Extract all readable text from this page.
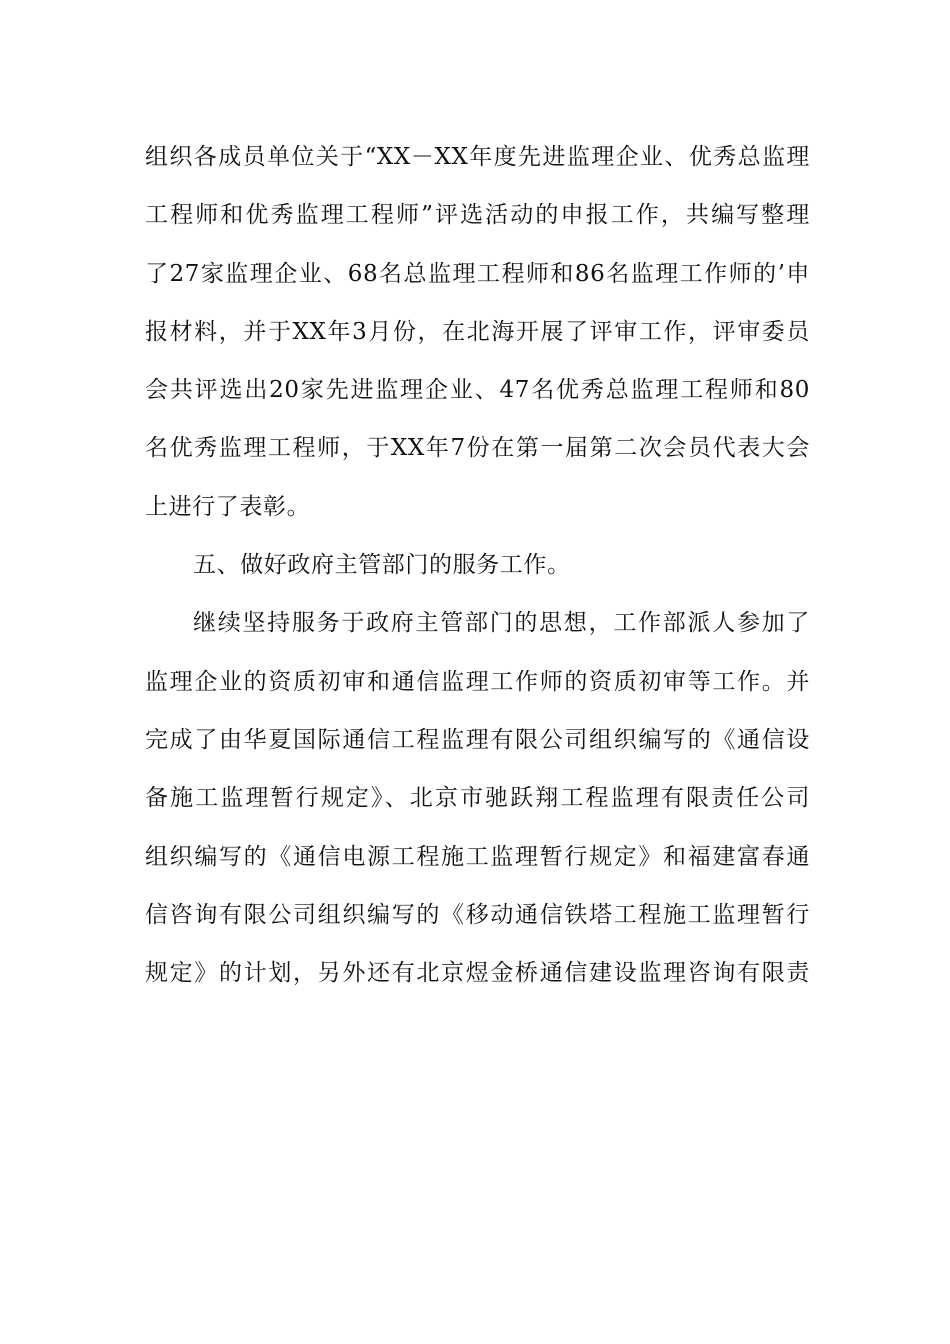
组织各成员单位关于“XX－XX年度先进监理企业、优秀总监理
工程师和优秀监理工程师”评选活动的申报工作，共编写整理
了27家监理企业、68名总监理工程师和86名监理工作师的’申
报材料，并于XX年3月份，在北海开展了评审工作，评审委员
会共评选出20家先进监理企业、47名优秀总监理工程师和80
名优秀监理工程师，于XX年7份在第一届第二次会员代表大会
上进行了表彰。
五、做好政府主管部门的服务工作。
继续坚持服务于政府主管部门的思想，工作部派人参加了
监理企业的资质初审和通信监理工作师的资质初审等工作。并
完成了由华夏国际通信工程监理有限公司组织编写的《通信设
备施工监理暂行规定》、北京市驰跃翔工程监理有限责任公司
组织编写的《通信电源工程施工监理暂行规定》和福建富春通
信咨询有限公司组织编写的《移动通信铁塔工程施工监理暂行
规定》的计划，另外还有北京煜金桥通信建设监理咨询有限责
